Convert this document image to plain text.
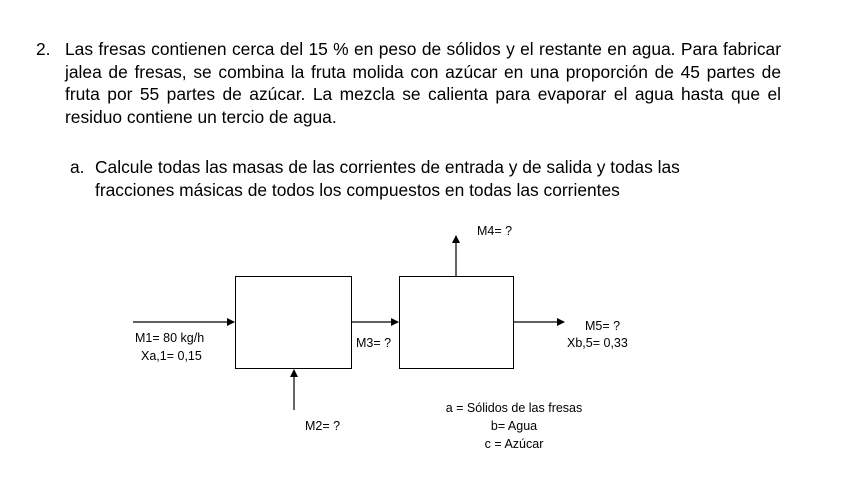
2. Las fresas contienen cerca del 15 % en peso de sólidos y el restante en agua. Para fabricar jalea de fresas, se combina la fruta molida con azúcar en una proporción de 45 partes de fruta por 55 partes de azúcar. La mezcla se calienta para evaporar el agua hasta que el residuo contiene un tercio de agua.
a. Calcule todas las masas de las corrientes de entrada y de salida y todas las fracciones másicas de todos los compuestos en todas las corrientes
M1= 80 kg/h
Xa,1= 0,15
M2= ?
M3= ?
M4= ?
M5= ?
Xb,5= 0,33
a = Sólidos de las fresas
b= Agua
c = Azúcar
